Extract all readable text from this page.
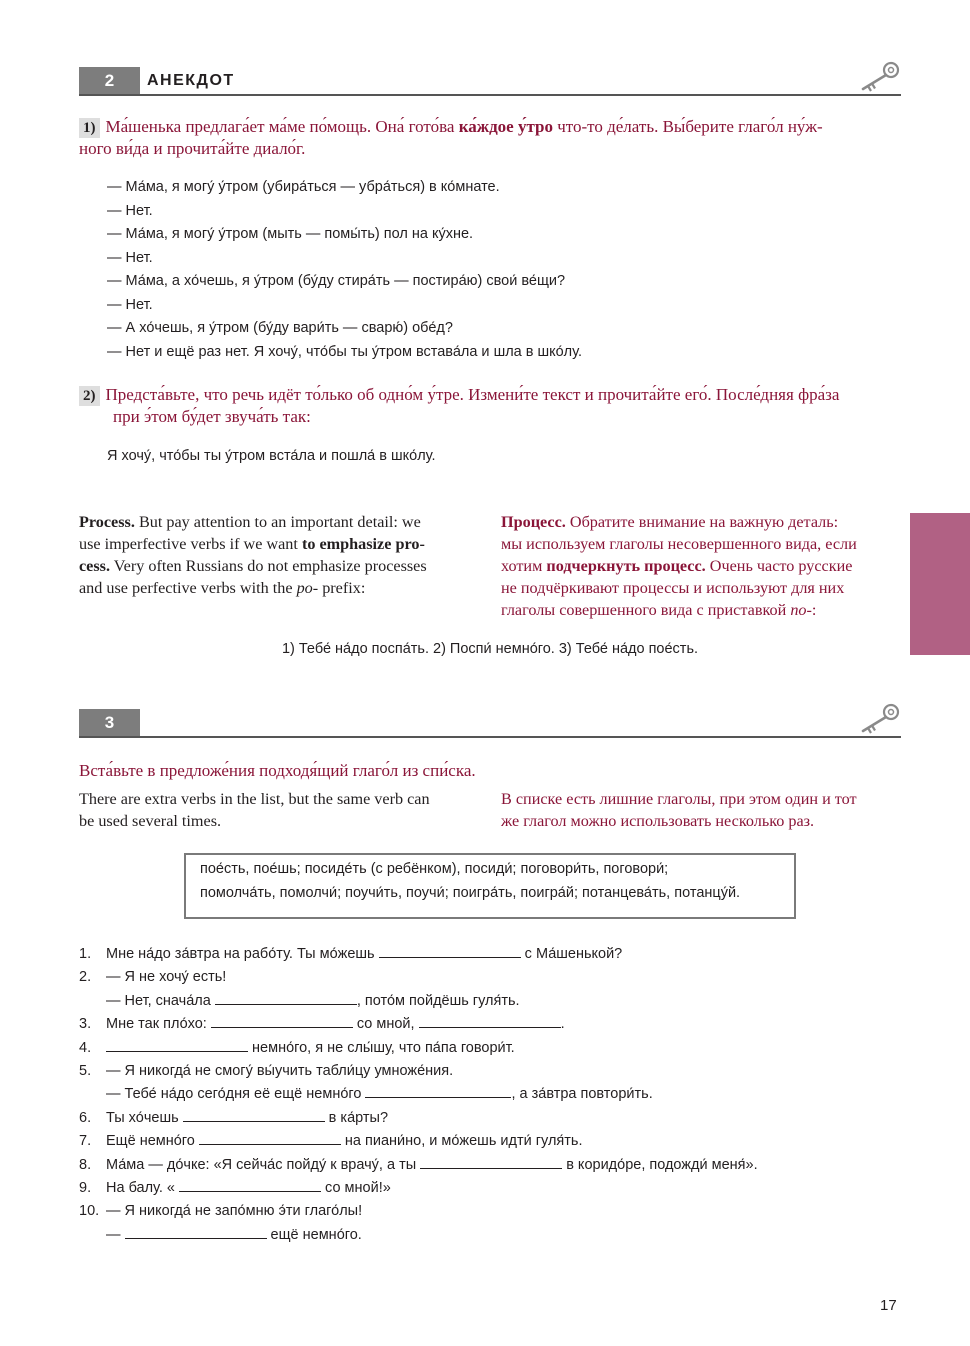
2	АНЕКДОТ
1) Ма́шенька предлага́ет ма́ме по́мощь. Она́ гото́ва ка́ждое у́тро что-то де́лать. Вы́берите глаго́л ну́ж-
ного ви́да и прочита́йте диало́г.
— Ма́ма, я могу́ у́тром (убира́ться — убра́ться) в ко́мнате.
— Нет.
— Ма́ма, я могу́ у́тром (мыть — помы́ть) пол на ку́хне.
— Нет.
— Ма́ма, а хо́чешь, я у́тром (бу́ду стира́ть — постира́ю) свои́ ве́щи?
— Нет.
— А хо́чешь, я у́тром (бу́ду вари́ть — сварю́) обе́д?
— Нет и ещё раз нет. Я хочу́, что́бы ты у́тром встава́ла и шла в шко́лу.
2) Предста́вьте, что речь идёт то́лько об одно́м у́тре. Измени́те текст и прочита́йте его́. После́дняя фра́за
при э́том бу́дет звуча́ть так:
Я хочу́, что́бы ты у́тром вста́ла и пошла́ в шко́лу.
Process. But pay attention to an important detail: we
use imperfective verbs if we want to emphasize pro-
cess. Very often Russians do not emphasize processes
and use perfective verbs with the po- prefix:
Процесс. Обратите внимание на важную деталь:
мы используем глаголы несовершенного вида, если
хотим подчеркнуть процесс. Очень часто русские
не подчёркивают процессы и используют для них
глаголы совершенного вида с приставкой по-:
1) Тебе́ на́до поспа́ть. 2) Поспи́ немно́го. 3) Тебе́ на́до пое́сть.
3
Вста́вьте в предложе́ния подходя́щий глаго́л из спи́ска.
There are extra verbs in the list, but the same verb can
be used several times.
В списке есть лишние глаголы, при этом один и тот
же глагол можно использовать несколько раз.
пое́сть, пое́шь; посиде́ть (с ребёнком), посиди́; поговори́ть, поговори́;
помолча́ть, помолчи́; поучи́ть, поучи́; поигра́ть, поигра́й; потанцева́ть, потанцу́й.
1.	Мне на́до за́втра на рабо́ту. Ты мо́жешь	с Ма́шенькой?
2.	— Я не хочу́ есть!
— Нет, снача́ла	, пото́м пойдёшь гуля́ть.
3.	Мне так пло́хо:	со мной,	.
4.	немно́го, я не слы́шу, что па́па говори́т.
5.	— Я никогда́ не смогу́ вы́учить табли́цу умноже́ния.
— Тебе́ на́до сего́дня её ещё немно́го	, а за́втра повтори́ть.
6.	Ты хо́чешь	в ка́рты?
7.	Ещё немно́го	на пиани́но, и мо́жешь идти́ гуля́ть.
8.	Ма́ма — до́чке: «Я сейча́с пойду́ к врачу́, а ты	в коридо́ре, подожди́ меня́».
9.	На балу. «	со мной!»
10. — Я никогда́ не запо́мню э́ти глаго́лы!
—	ещё немно́го.
17
